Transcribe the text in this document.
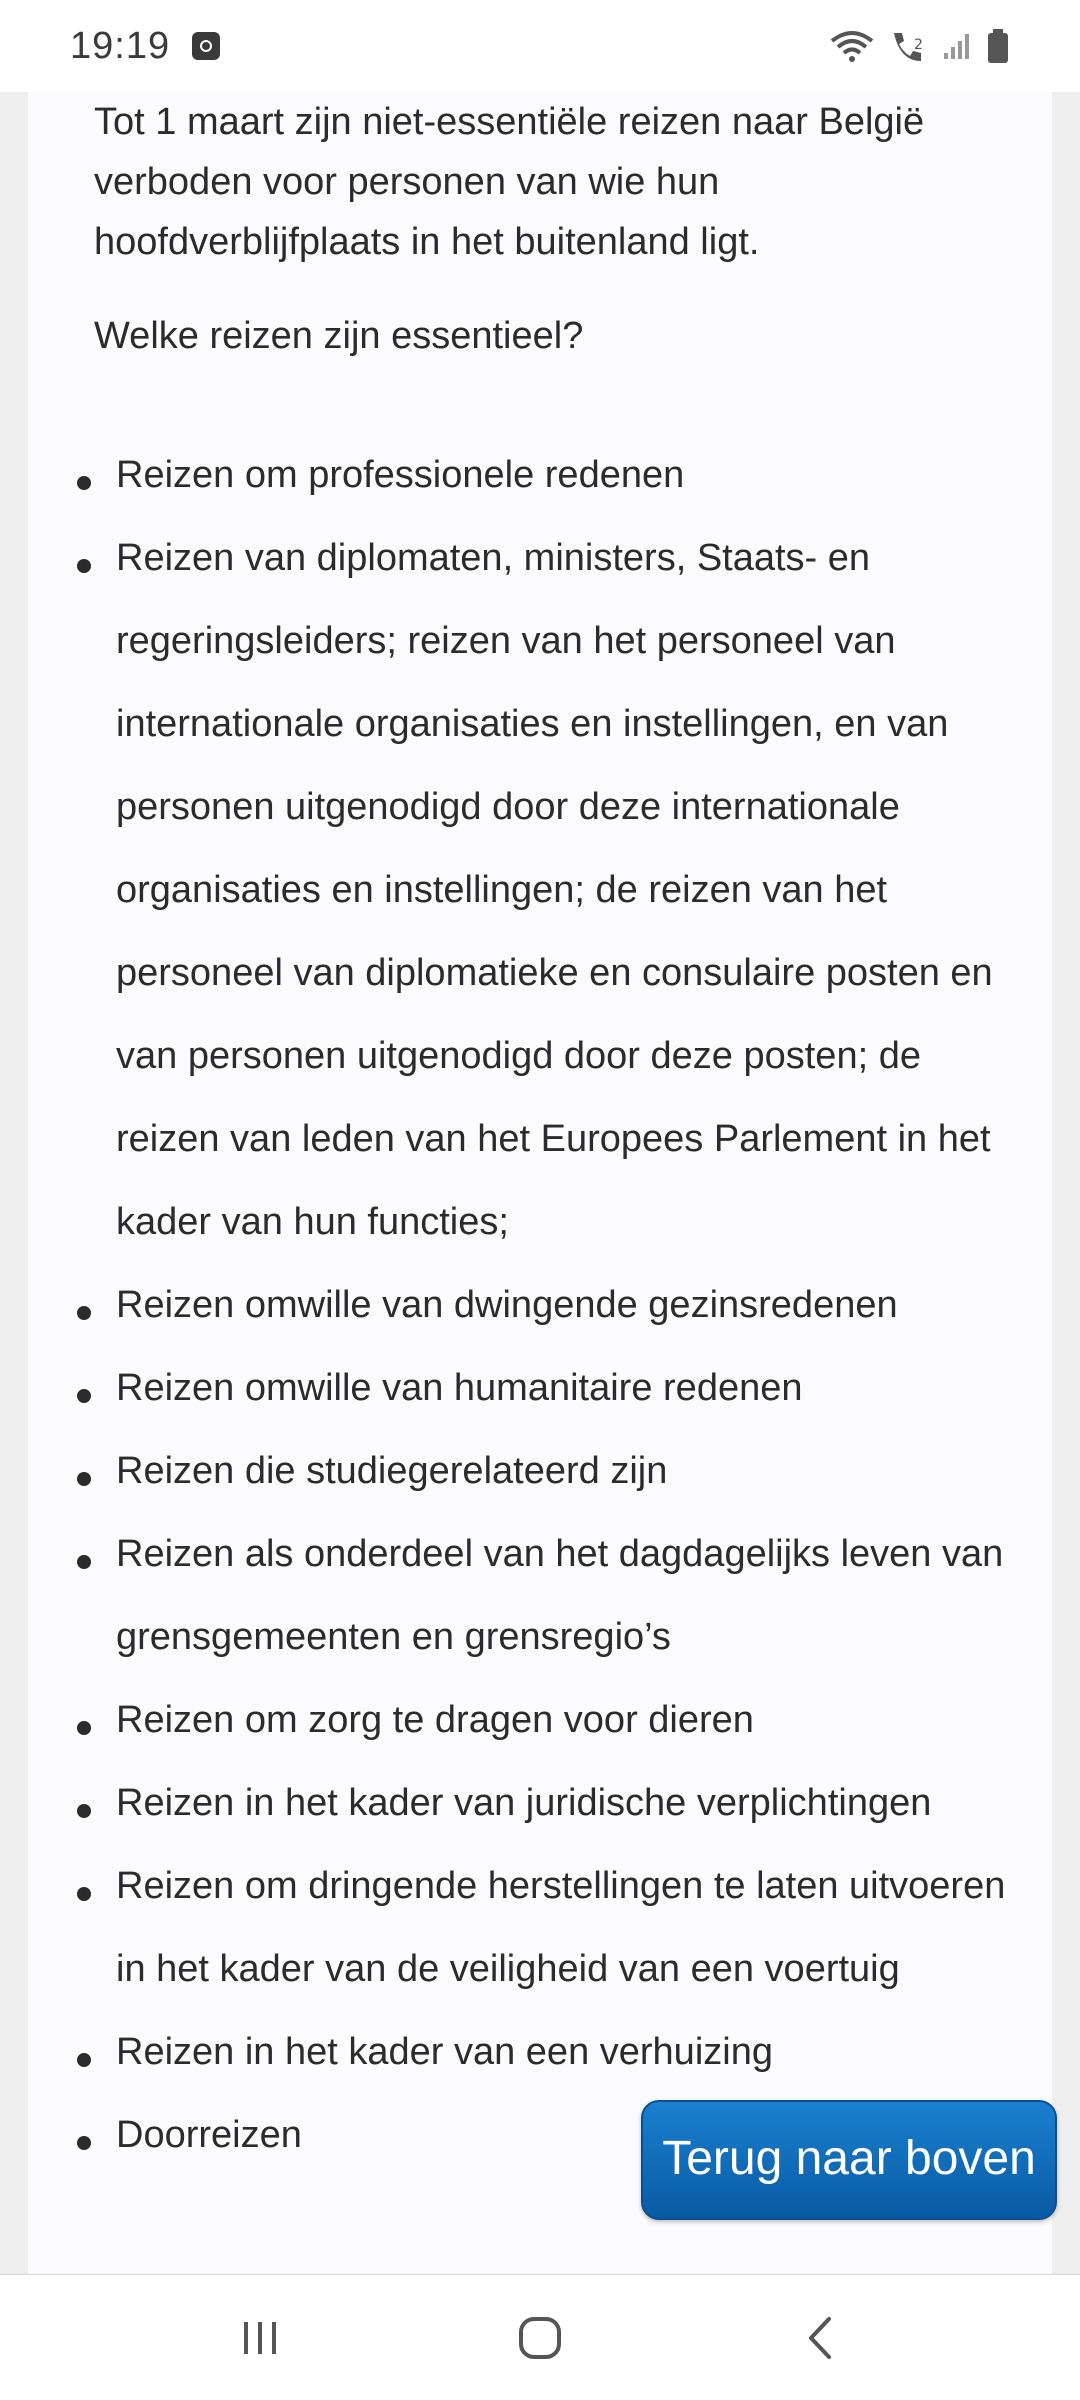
19:19	2

Tot 1 maart zijn niet-essentiële reizen naar België verboden voor personen van wie hun hoofdverblijfplaats in het buitenland ligt.

Welke reizen zijn essentieel?

Reizen om professionele redenen
Reizen van diplomaten, ministers, Staats- en regeringsleiders; reizen van het personeel van internationale organisaties en instellingen, en van personen uitgenodigd door deze internationale organisaties en instellingen; de reizen van het personeel van diplomatieke en consulaire posten en van personen uitgenodigd door deze posten; de reizen van leden van het Europees Parlement in het kader van hun functies;
Reizen omwille van dwingende gezinsredenen
Reizen omwille van humanitaire redenen
Reizen die studiegerelateerd zijn
Reizen als onderdeel van het dagdagelijks leven van grensgemeenten en grensregio’s
Reizen om zorg te dragen voor dieren
Reizen in het kader van juridische verplichtingen
Reizen om dringende herstellingen te laten uitvoeren in het kader van de veiligheid van een voertuig
Reizen in het kader van een verhuizing
Doorreizen	Terug naar boven
